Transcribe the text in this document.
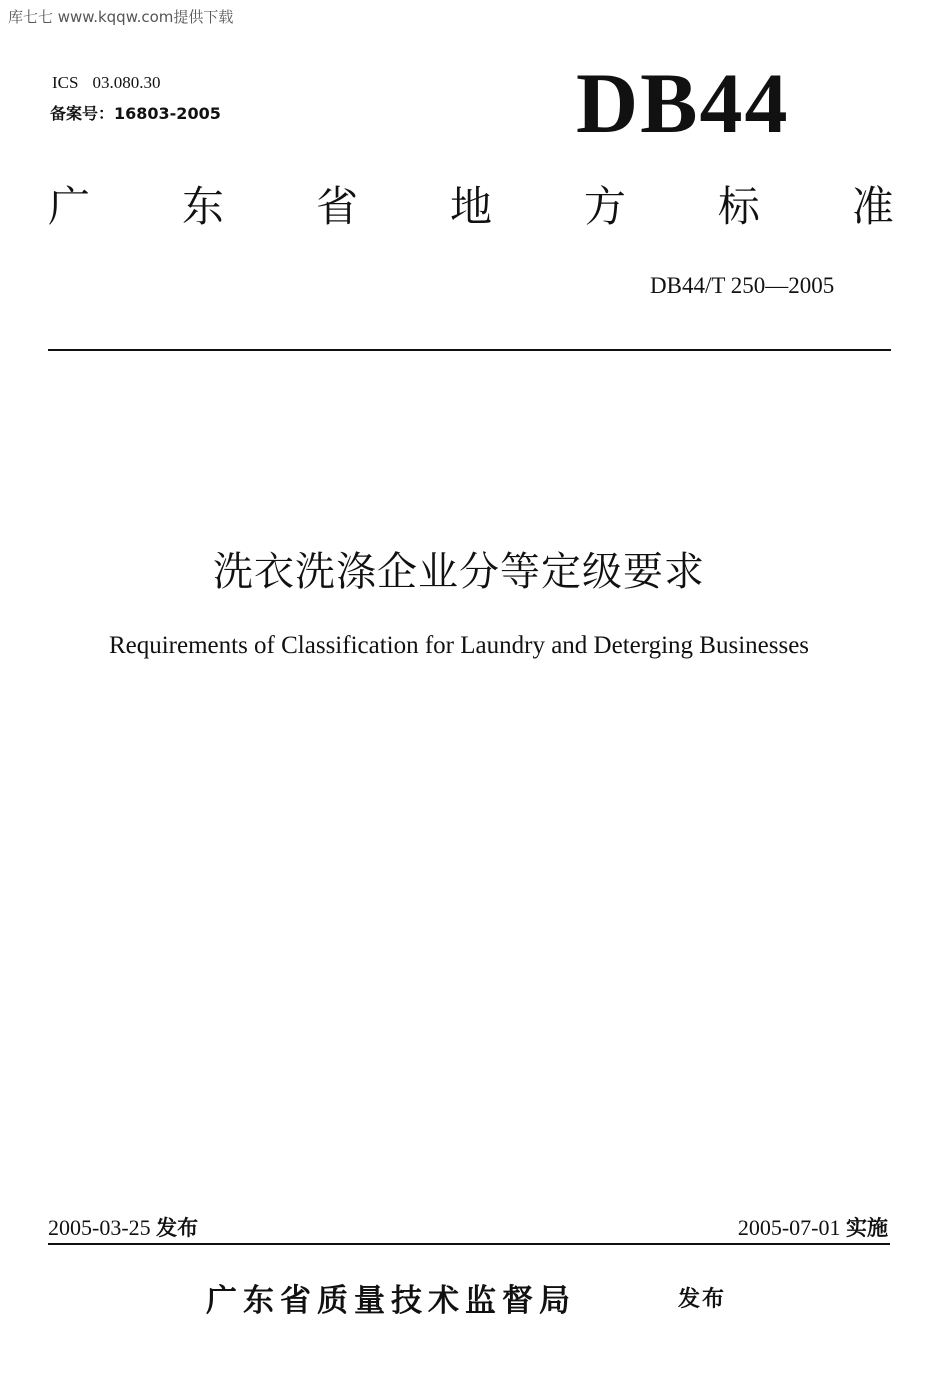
库七七 www.kqqw.com提供下载
ICS 03.080.30
备案号：16803-2005	DB44
广 东 省 地 方 标 准
DB44/T 250—2005
洗衣洗涤企业分等定级要求
Requirements of Classification for Laundry and Deterging Businesses
2005-03-25 发布	2005-07-01 实施
广东省质量技术监督局	发布
